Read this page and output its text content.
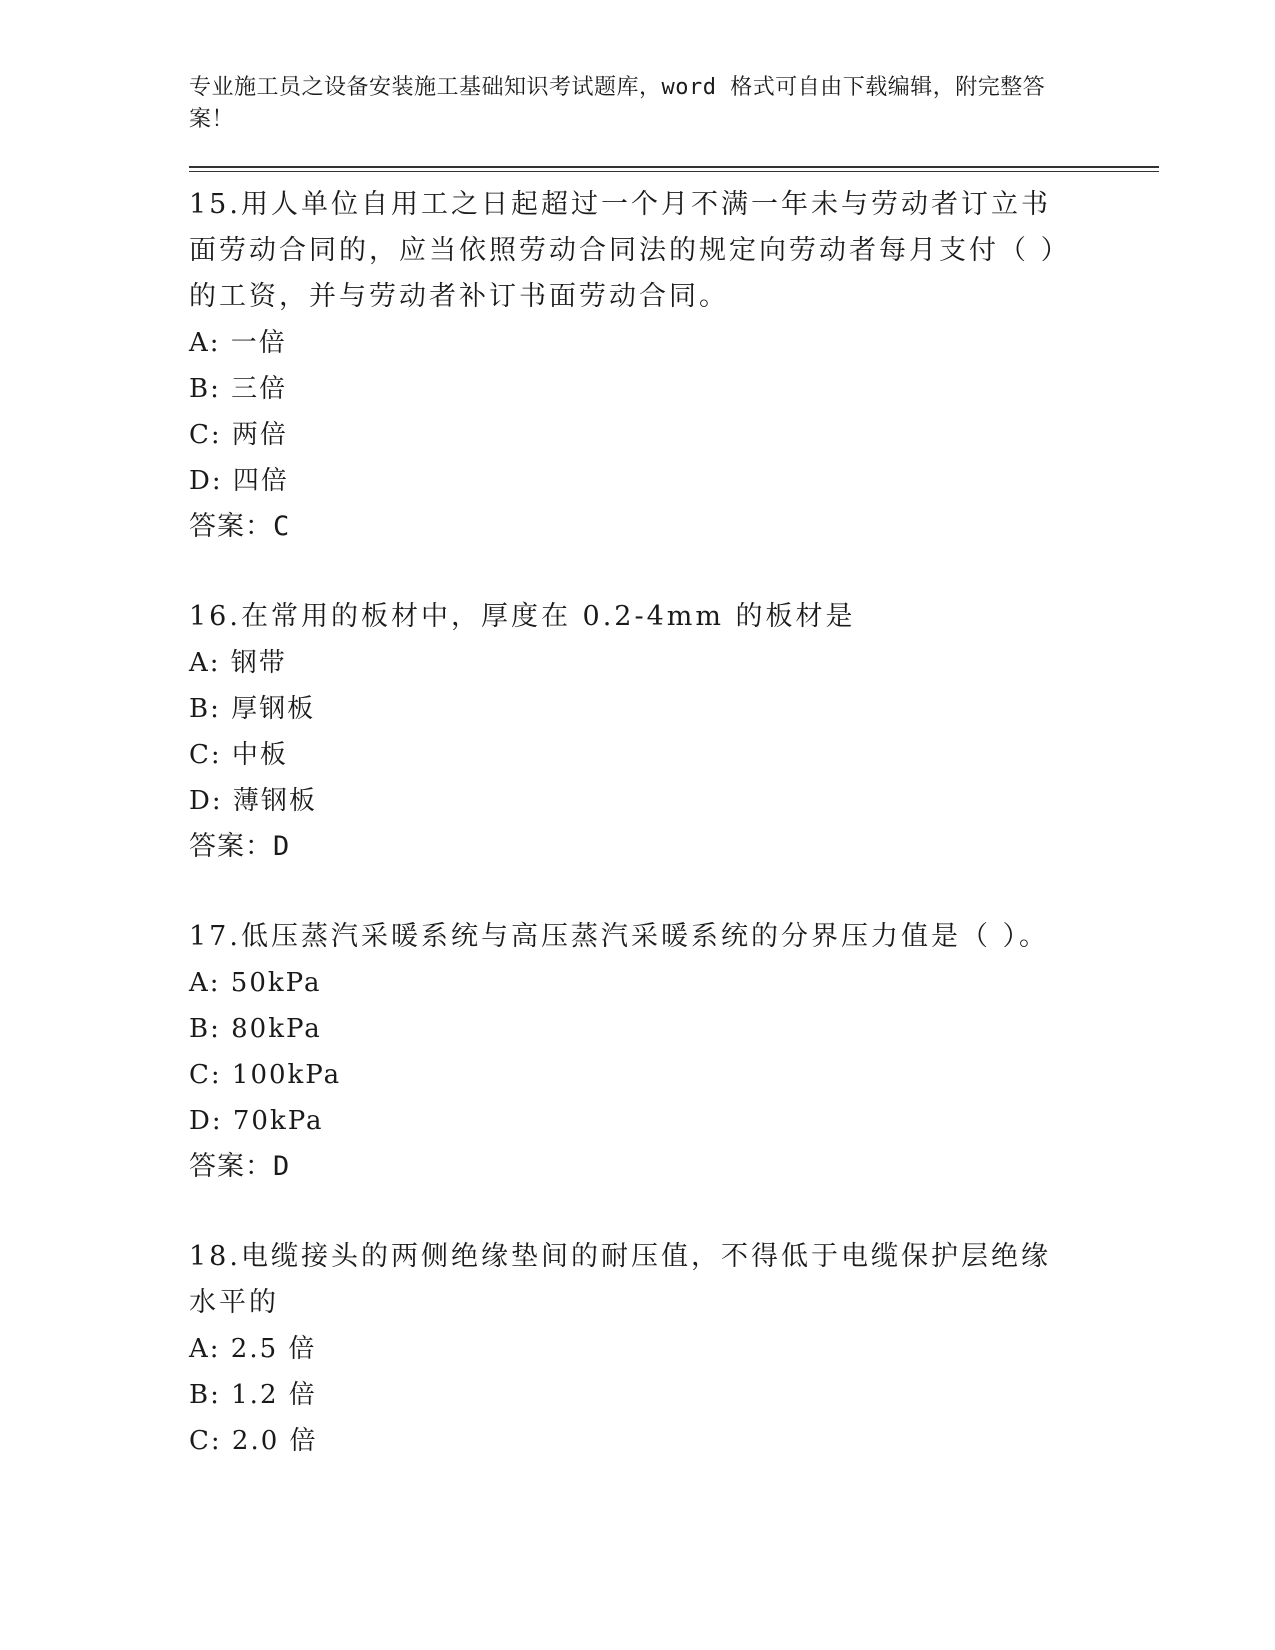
专业施工员之设备安装施工基础知识考试题库，word 格式可自由下载编辑，附完整答案！
15.用人单位自用工之日起超过一个月不满一年未与劳动者订立书面劳动合同的，应当依照劳动合同法的规定向劳动者每月支付（ ）的工资，并与劳动者补订书面劳动合同。
A: 一倍
B: 三倍
C: 两倍
D: 四倍
答案：C
16.在常用的板材中，厚度在 0.2-4mm 的板材是
A: 钢带
B: 厚钢板
C: 中板
D: 薄钢板
答案：D
17.低压蒸汽采暖系统与高压蒸汽采暖系统的分界压力值是（ ）。
A: 50kPa
B: 80kPa
C: 100kPa
D: 70kPa
答案：D
18.电缆接头的两侧绝缘垫间的耐压值，不得低于电缆保护层绝缘水平的
A: 2.5 倍
B: 1.2 倍
C: 2.0 倍
